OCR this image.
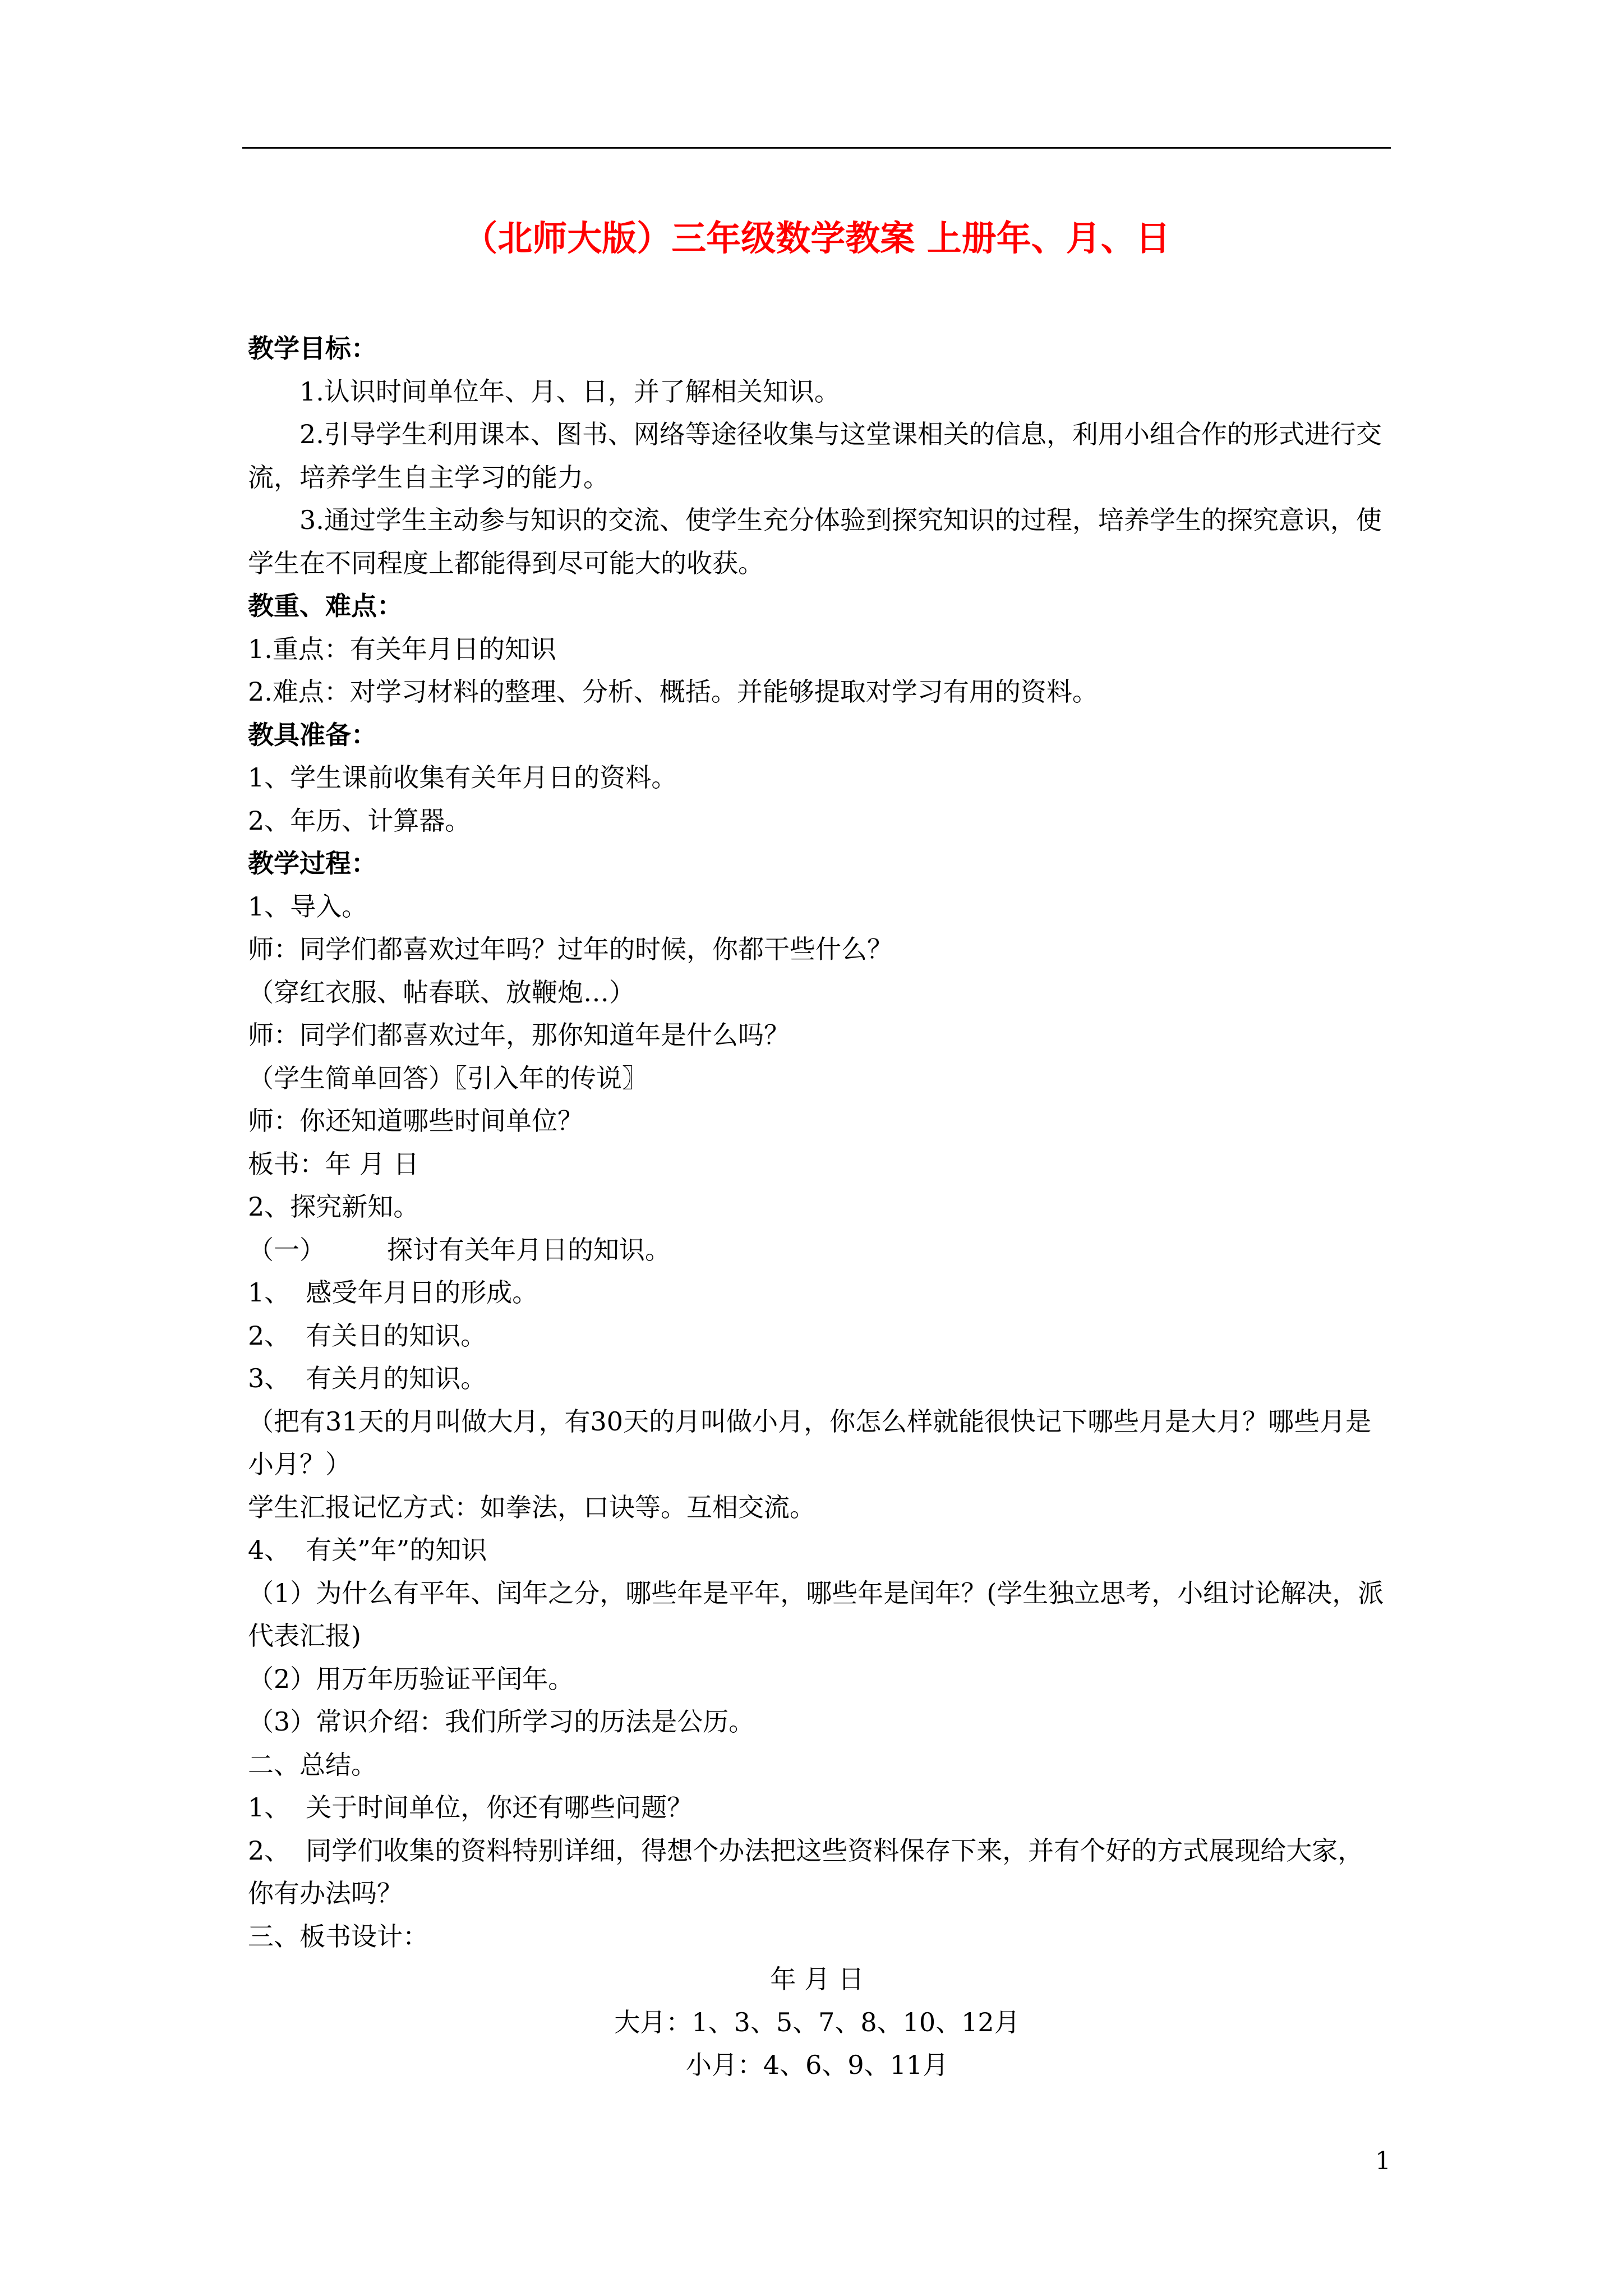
（北师大版）三年级数学教案 上册年、月、日

教学目标：

1.认识时间单位年、月、日，并了解相关知识。

2.引导学生利用课本、图书、网络等途径收集与这堂课相关的信息，利用小组合作的形式进行交流，培养学生自主学习的能力。

3.通过学生主动参与知识的交流、使学生充分体验到探究知识的过程，培养学生的探究意识，使学生在不同程度上都能得到尽可能大的收获。

教重、难点：

1.重点：有关年月日的知识

2.难点：对学习材料的整理、分析、概括。并能够提取对学习有用的资料。

教具准备：

1、学生课前收集有关年月日的资料。

2、年历、计算器。

教学过程：

1、导入。

师：同学们都喜欢过年吗？过年的时候，你都干些什么？

（穿红衣服、帖春联、放鞭炮…）

师：同学们都喜欢过年，那你知道年是什么吗？

（学生简单回答）〖引入年的传说〗

师：你还知道哪些时间单位？

板书：年 月 日

2、探究新知。

（一） 探讨有关年月日的知识。

1、 感受年月日的形成。

2、 有关日的知识。

3、 有关月的知识。

（把有31天的月叫做大月，有30天的月叫做小月，你怎么样就能很快记下哪些月是大月？哪些月是小月？）

学生汇报记忆方式：如拳法，口诀等。互相交流。

4、 有关”年”的知识

（1）为什么有平年、闰年之分，哪些年是平年，哪些年是闰年？(学生独立思考，小组讨论解决，派代表汇报)

（2）用万年历验证平闰年。

（3）常识介绍：我们所学习的历法是公历。

二、总结。

1、 关于时间单位，你还有哪些问题？

2、 同学们收集的资料特别详细，得想个办法把这些资料保存下来，并有个好的方式展现给大家，你有办法吗？

三、板书设计：

年 月 日

大月：1、3、5、7、8、10、12月

小月：4、6、9、11月

1
